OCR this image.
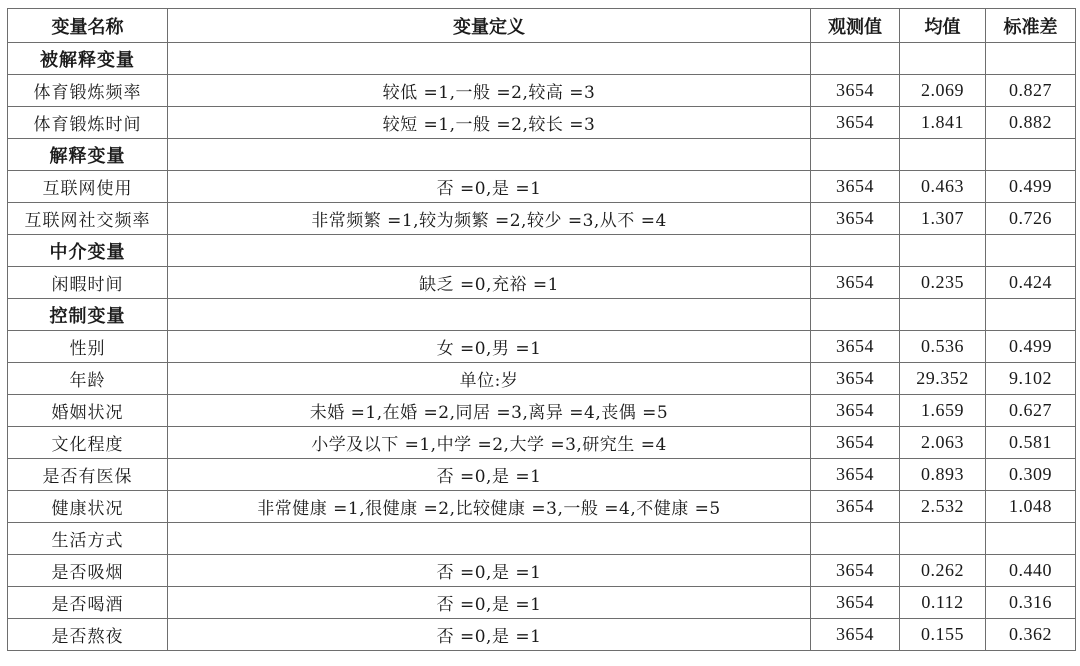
变量名称	变量定义	观测值	均值	标准差
被解释变量				
体育锻炼频率	较低 =1,一般 =2,较高 =3	3654	2.069	0.827
体育锻炼时间	较短 =1,一般 =2,较长 =3	3654	1.841	0.882
解释变量				
互联网使用	否 =0,是 =1	3654	0.463	0.499
互联网社交频率	非常频繁 =1,较为频繁 =2,较少 =3,从不 =4	3654	1.307	0.726
中介变量				
闲暇时间	缺乏 =0,充裕 =1	3654	0.235	0.424
控制变量				
性别	女 =0,男 =1	3654	0.536	0.499
年龄	单位:岁	3654	29.352	9.102
婚姻状况	未婚 =1,在婚 =2,同居 =3,离异 =4,丧偶 =5	3654	1.659	0.627
文化程度	小学及以下 =1,中学 =2,大学 =3,研究生 =4	3654	2.063	0.581
是否有医保	否 =0,是 =1	3654	0.893	0.309
健康状况	非常健康 =1,很健康 =2,比较健康 =3,一般 =4,不健康 =5	3654	2.532	1.048
生活方式				
是否吸烟	否 =0,是 =1	3654	0.262	0.440
是否喝酒	否 =0,是 =1	3654	0.112	0.316
是否熬夜	否 =0,是 =1	3654	0.155	0.362
